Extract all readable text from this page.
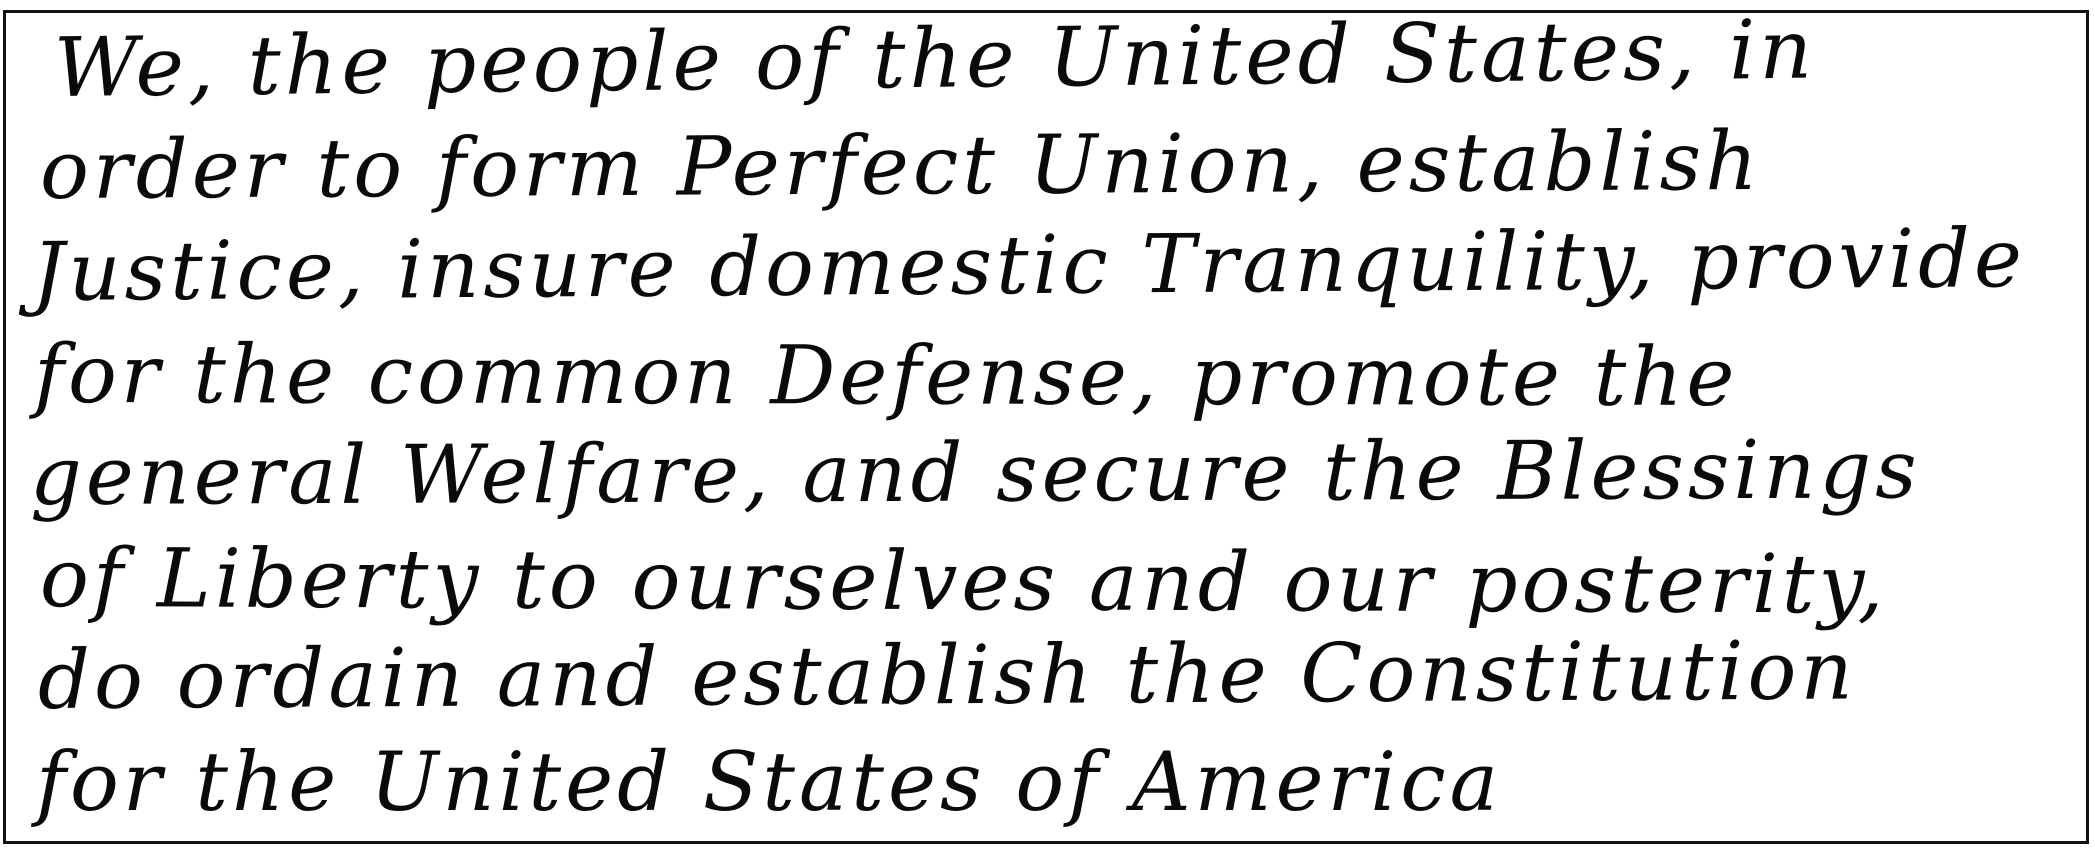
We, the people of the United States, in
order to form Perfect Union, establish
Justice, insure domestic Tranquility, provide
for the common Defense, promote the
general Welfare, and secure the Blessings
of Liberty to ourselves and our posterity,
do ordain and establish the Constitution
for the United States of America
